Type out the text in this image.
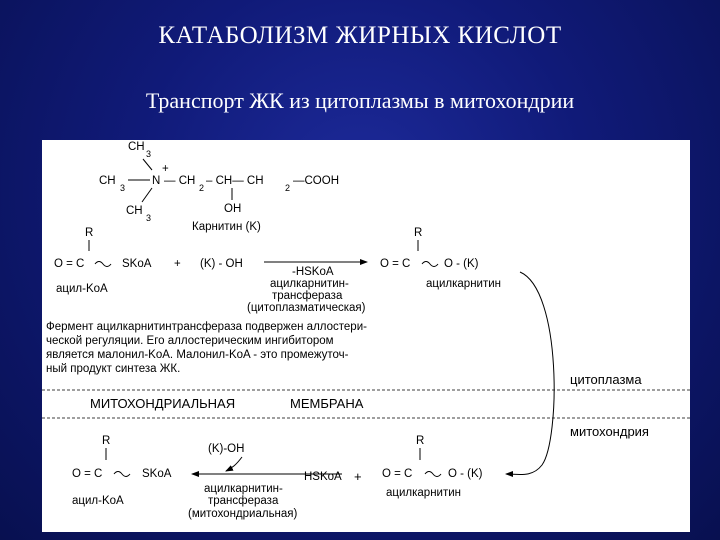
КАТАБОЛИЗМ ЖИРНЫХ КИСЛОТ
Транспорт ЖК из цитоплазмы в митохондрии
CH
3
+
CH
3
N
CH
3
— CH
2
– CH— CH
2
—COOH
OH
Карнитин (K)
R
O = C	SKoA + (K) - OH
ацил-KoA
-HSKoA
ацилкарнитин-
трансфераза
(цитоплазматическая)
R
O = C	O - (K)
ацилкарнитин
Фермент ацилкарнитинтрансфераза подвержен аллостери-
ческой регуляции. Его аллостерическим ингибитором
является малонил-KoA. Малонил-KoA - это промежуточ-
ный продукт синтеза ЖК.
цитоплазма
МИТОХОНДРИАЛЬНАЯ	МЕМБРАНА
митохондрия
R
O = C	SKoA
ацил-KoA
(K)-OH
ацилкарнитин-
трансфераза
(митохондриальная)
HSKoA +
R
O = C	O - (K)
ацилкарнитин
